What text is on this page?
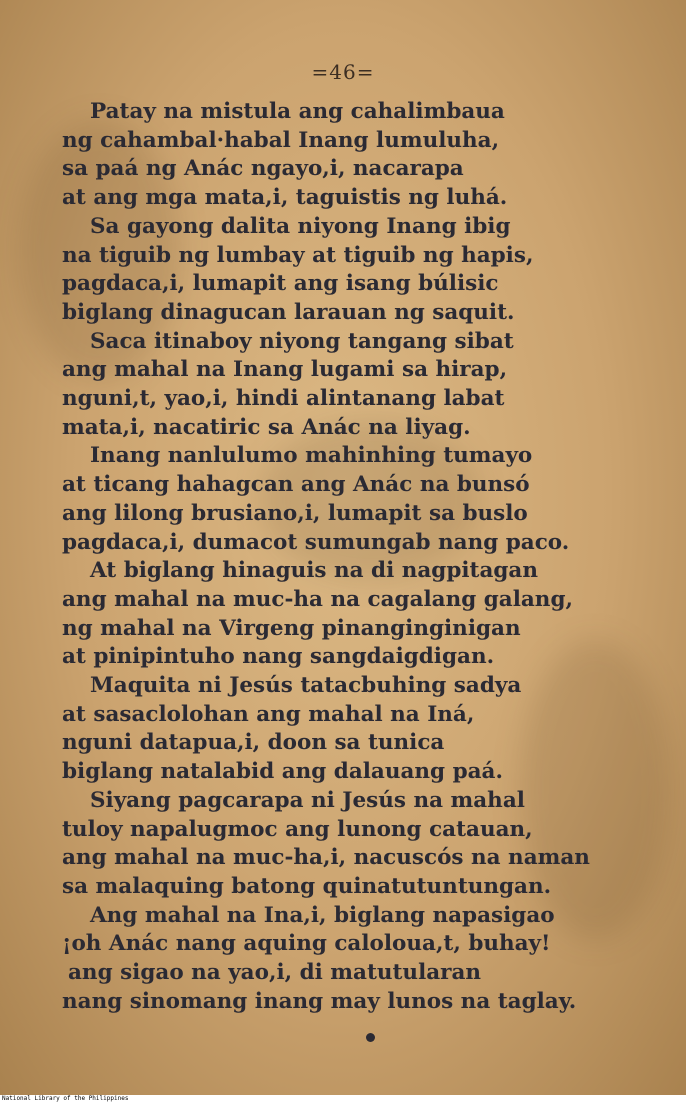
=46=
Patay na mistula ang cahalimbaua
ng cahambal·habal Inang lumuluha,
sa paá ng Anác ngayo,i, nacarapa
at ang mga mata,i, taguistis ng luhá.
Sa gayong dalita niyong Inang ibig
na tiguib ng lumbay at tiguib ng hapis,
pagdaca,i, lumapit ang isang búlisic
biglang dinagucan larauan ng saquit.
Saca itinaboy niyong tangang sibat
ang mahal na Inang lugami sa hirap,
nguni,t, yao,i, hindi alintanang labat
mata,i, nacatiric sa Anác na liyag.
Inang nanlulumo mahinhing tumayo
at ticang hahagcan ang Anác na bunsó
ang lilong brusiano,i, lumapit sa buslo
pagdaca,i, dumacot sumungab nang paco.
At biglang hinaguis na di nagpitagan
ang mahal na muc-ha na cagalang galang,
ng mahal na Virgeng pinanginginigan
at pinipintuho nang sangdaigdigan.
Maquita ni Jesús tatacbuhing sadya
at sasaclolohan ang mahal na Iná,
nguni datapua,i, doon sa tunica
biglang natalabid ang dalauang paá.
Siyang pagcarapa ni Jesús na mahal
tuloy napalugmoc ang lunong catauan,
ang mahal na muc-ha,i, nacuscós na naman
sa malaquing batong quinatutuntungan.
Ang mahal na Ina,i, biglang napasigao
¡oh Anác nang aquing caloloua,t, buhay!
ang sigao na yao,i, di matutularan
nang sinomang inang may lunos na taglay.
National Library of the Philippines
